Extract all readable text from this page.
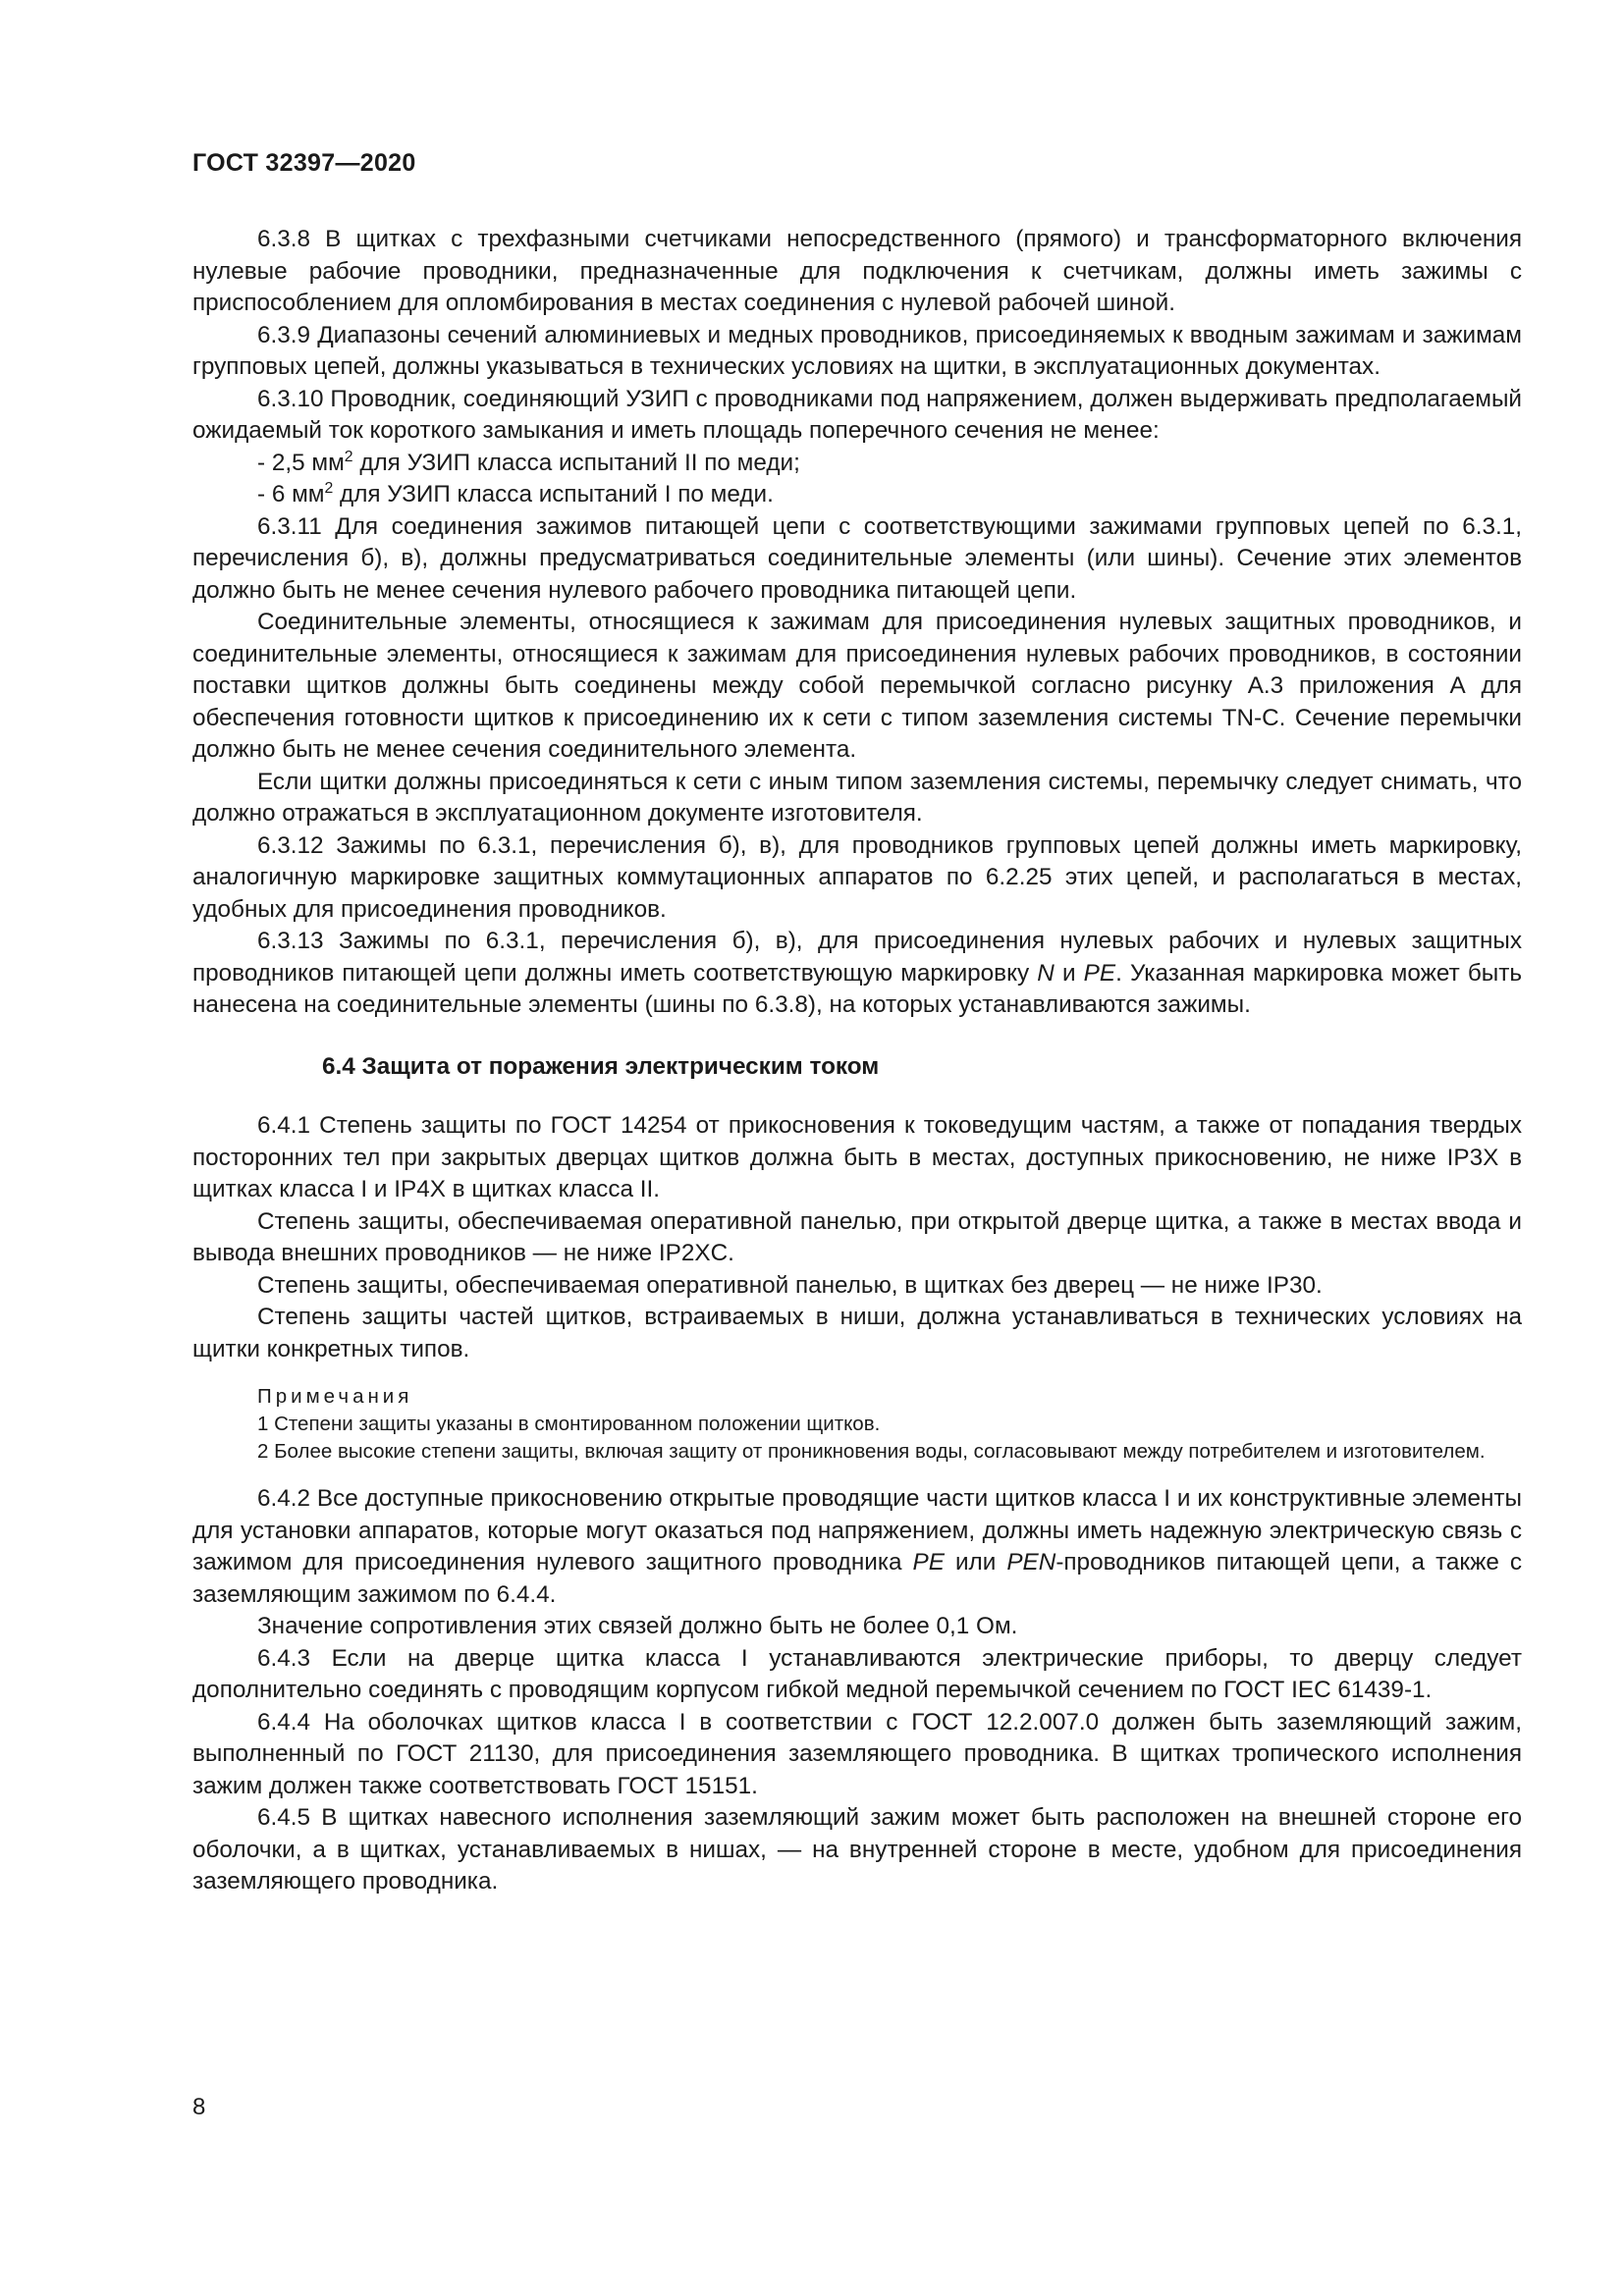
ГОСТ 32397—2020

6.3.8 В щитках с трехфазными счетчиками непосредственного (прямого) и трансформаторного включения нулевые рабочие проводники, предназначенные для подключения к счетчикам, должны иметь зажимы с приспособлением для опломбирования в местах соединения с нулевой рабочей шиной.

6.3.9 Диапазоны сечений алюминиевых и медных проводников, присоединяемых к вводным зажимам и зажимам групповых цепей, должны указываться в технических условиях на щитки, в эксплуатационных документах.

6.3.10 Проводник, соединяющий УЗИП с проводниками под напряжением, должен выдерживать предполагаемый ожидаемый ток короткого замыкания и иметь площадь поперечного сечения не менее:

- 2,5 $мм^2$ для УЗИП класса испытаний II по меди;

- 6 $мм^2$ для УЗИП класса испытаний I по меди.

6.3.11 Для соединения зажимов питающей цепи с соответствующими зажимами групповых цепей по 6.3.1, перечисления б), в), должны предусматриваться соединительные элементы (или шины). Сечение этих элементов должно быть не менее сечения нулевого рабочего проводника питающей цепи.

Соединительные элементы, относящиеся к зажимам для присоединения нулевых защитных проводников, и соединительные элементы, относящиеся к зажимам для присоединения нулевых рабочих проводников, в состоянии поставки щитков должны быть соединены между собой перемычкой согласно рисунку А.3 приложения А для обеспечения готовности щитков к присоединению их к сети с типом заземления системы TN-C. Сечение перемычки должно быть не менее сечения соединительного элемента.

Если щитки должны присоединяться к сети с иным типом заземления системы, перемычку следует снимать, что должно отражаться в эксплуатационном документе изготовителя.

6.3.12 Зажимы по 6.3.1, перечисления б), в), для проводников групповых цепей должны иметь маркировку, аналогичную маркировке защитных коммутационных аппаратов по 6.2.25 этих цепей, и располагаться в местах, удобных для присоединения проводников.

6.3.13 Зажимы по 6.3.1, перечисления б), в), для присоединения нулевых рабочих и нулевых защитных проводников питающей цепи должны иметь соответствующую маркировку N и PE. Указанная маркировка может быть нанесена на соединительные элементы (шины по 6.3.8), на которых устанавливаются зажимы.

6.4 Защита от поражения электрическим током

6.4.1 Степень защиты по ГОСТ 14254 от прикосновения к токоведущим частям, а также от попадания твердых посторонних тел при закрытых дверцах щитков должна быть в местах, доступных прикосновению, не ниже IP3X в щитках класса I и IP4X в щитках класса II.

Степень защиты, обеспечиваемая оперативной панелью, при открытой дверце щитка, а также в местах ввода и вывода внешних проводников — не ниже IP2XC.

Степень защиты, обеспечиваемая оперативной панелью, в щитках без дверец — не ниже IP30.

Степень защиты частей щитков, встраиваемых в ниши, должна устанавливаться в технических условиях на щитки конкретных типов.

Примечания

1 Степени защиты указаны в смонтированном положении щитков.

2 Более высокие степени защиты, включая защиту от проникновения воды, согласовывают между потребителем и изготовителем.

6.4.2 Все доступные прикосновению открытые проводящие части щитков класса I и их конструктивные элементы для установки аппаратов, которые могут оказаться под напряжением, должны иметь надежную электрическую связь с зажимом для присоединения нулевого защитного проводника PE или PEN-проводников питающей цепи, а также с заземляющим зажимом по 6.4.4.

Значение сопротивления этих связей должно быть не более 0,1 Ом.

6.4.3 Если на дверце щитка класса I устанавливаются электрические приборы, то дверцу следует дополнительно соединять с проводящим корпусом гибкой медной перемычкой сечением по ГОСТ IEC 61439-1.

6.4.4 На оболочках щитков класса I в соответствии с ГОСТ 12.2.007.0 должен быть заземляющий зажим, выполненный по ГОСТ 21130, для присоединения заземляющего проводника. В щитках тропического исполнения зажим должен также соответствовать ГОСТ 15151.

6.4.5 В щитках навесного исполнения заземляющий зажим может быть расположен на внешней стороне его оболочки, а в щитках, устанавливаемых в нишах, — на внутренней стороне в месте, удобном для присоединения заземляющего проводника.

8
